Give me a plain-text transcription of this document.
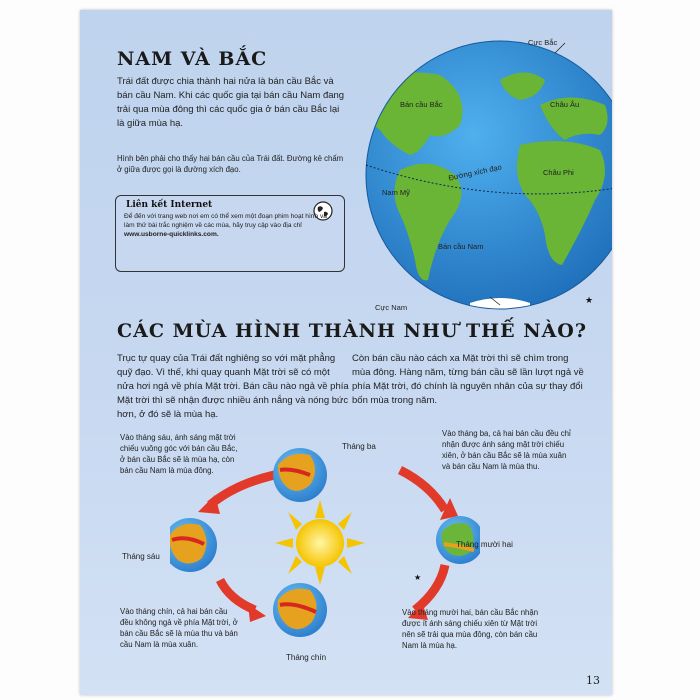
NAM VÀ BẮC
Trái đất được chia thành hai nửa là bán cầu Bắc và bán cầu Nam. Khi các quốc gia tại bán cầu Nam đang trải qua mùa đông thì các quốc gia ở bán cầu Bắc lại là giữa mùa hạ.
Hình bên phải cho thấy hai bán cầu của Trái đất. Đường kẻ chấm ở giữa được gọi là đường xích đạo.
Liên kết Internet
Để đến với trang web nơi em có thể xem một đoạn phim hoạt hình và làm thử bài trắc nghiệm về các mùa, hãy truy cập vào địa chỉ www.usborne-quicklinks.com.
★
Cực Bắc
Bán cầu Bắc	Châu Âu
Đường xích đạo	Châu Phi
Nam Mỹ
Bán cầu Nam
Cực Nam
CÁC MÙA HÌNH THÀNH NHƯ THẾ NÀO?
Trục tự quay của Trái đất nghiêng so với mặt phẳng quỹ đạo. Vì thế, khi quay quanh Mặt trời sẽ có một nửa hơi ngả về phía Mặt trời. Bán cầu nào ngả về phía Mặt trời thì sẽ nhận được nhiều ánh nắng và nóng bức hơn, ở đó sẽ là mùa hạ.
Còn bán cầu nào cách xa Mặt trời thì sẽ chìm trong mùa đông. Hàng năm, từng bán cầu sẽ lần lượt ngả về phía Mặt trời, đó chính là nguyên nhân của sự thay đổi bốn mùa trong năm.
Tháng ba
Tháng sáu
Tháng chín
Tháng mười hai
Vào tháng sáu, ánh sáng mặt trời chiếu vuông góc với bán cầu Bắc, ở bán cầu Bắc sẽ là mùa hạ, còn bán cầu Nam là mùa đông.
Vào tháng ba, cả hai bán cầu đều chỉ nhận được ánh sáng mặt trời chiếu xiên, ở bán cầu Bắc sẽ là mùa xuân và bán cầu Nam là mùa thu.
Vào tháng chín, cả hai bán cầu đều không ngả về phía Mặt trời, ở bán cầu Bắc sẽ là mùa thu và bán cầu Nam là mùa xuân.
Vào tháng mười hai, bán cầu Bắc nhận được ít ánh sáng chiếu xiên từ Mặt trời nên sẽ trải qua mùa đông, còn bán cầu Nam là mùa hạ.
★
13
